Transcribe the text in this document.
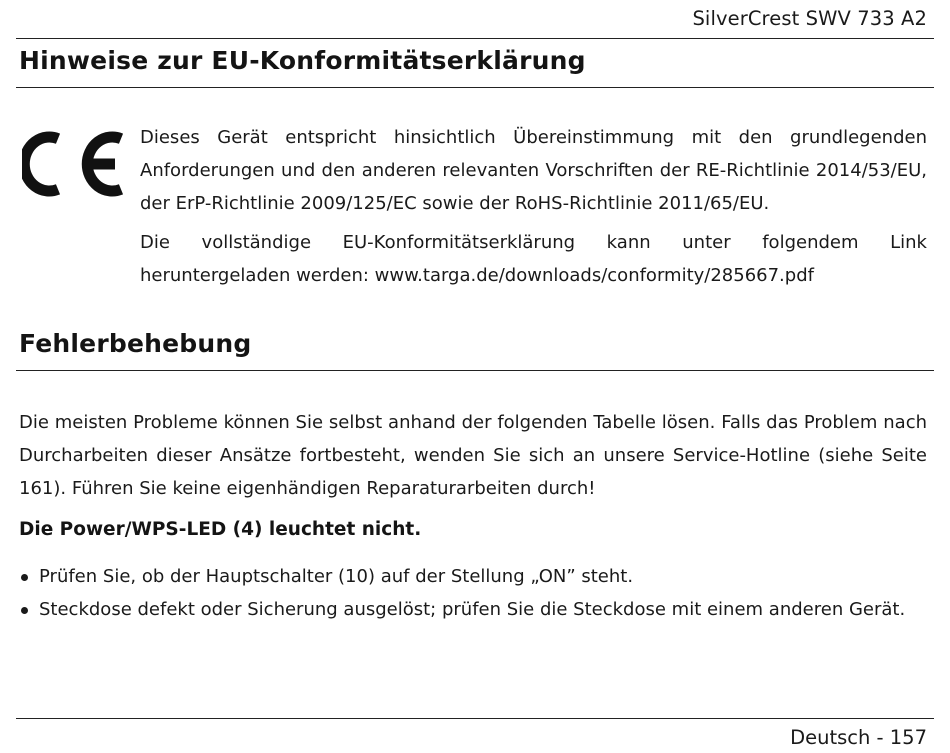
SilverCrest SWV 733 A2
Hinweise zur EU-Konformitätserklärung

Dieses Gerät entspricht hinsichtlich Übereinstimmung mit den grundlegenden Anforderungen und den anderen relevanten Vorschriften der RE-Richtlinie 2014/53/EU, der ErP-Richtlinie 2009/125/EC sowie der RoHS-Richtlinie 2011/65/EU.

Die vollständige EU-Konformitätserklärung kann unter folgendem Link heruntergeladen werden: www.targa.de/downloads/conformity/285667.pdf

Fehlerbehebung

Die meisten Probleme können Sie selbst anhand der folgenden Tabelle lösen. Falls das Problem nach Durcharbeiten dieser Ansätze fortbesteht, wenden Sie sich an unsere Service-Hotline (siehe Seite 161). Führen Sie keine eigenhändigen Reparaturarbeiten durch!

Die Power/WPS-LED (4) leuchtet nicht.
Prüfen Sie, ob der Hauptschalter (10) auf der Stellung „ON” steht.
Steckdose defekt oder Sicherung ausgelöst; prüfen Sie die Steckdose mit einem anderen Gerät.
Deutsch - 157
